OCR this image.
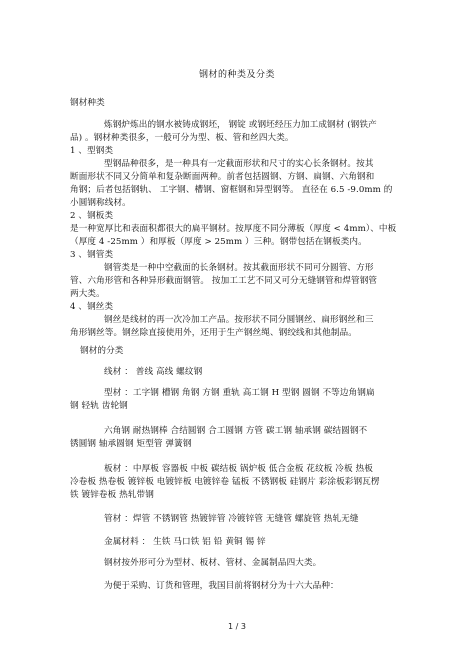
钢材的种类及分类
钢材种类
炼钢炉炼出的钢水被铸成钢坯， 钢锭 或钢坯经压力加工成钢材 (钢铁产
品) 。钢材种类很多，一般可分为型、板、管和丝四大类。
1 、型钢类
型钢品种很多，是一种具有一定截面形状和尺寸的实心长条钢材。按其
断面形状不同又分简单和复杂断面两种。前者包括圆钢、方钢、扁钢、六角钢和
角钢；后者包括钢轨、 工字钢、槽钢、窗框钢和异型钢等。 直径在 6.5 -9.0mm 的
小圆钢称线材。
2 、钢板类
是一种宽厚比和表面积都很大的扁平钢材。按厚度不同分薄板（厚度 < 4mm）、中板
（厚度 4 -25mm ）和厚板（厚度 > 25mm ）三种。钢带包括在钢板类内。
3 、钢管类
钢管类是一种中空截面的长条钢材。按其截面形状不同可分圆管、方形
管、六角形管和各种异形截面钢管。 按加工工艺不同又可分无缝钢管和焊管钢管
两大类。
4 、钢丝类
钢丝是线材的再一次冷加工产品。按形状不同分圆钢丝、扁形钢丝和三
角形钢丝等。钢丝除直接使用外，还用于生产钢丝绳、钢绞线和其他制品。
钢材的分类
线材 ： 普线 高线 螺纹钢
型材 ：工字钢 槽钢 角钢 方钢 重轨 高工钢 H 型钢 圆钢 不等边角钢扁
钢 轻轨 齿轮钢
六角钢 耐热钢棒 合结圆钢 合工圆钢 方管 碳工钢 轴承钢 碳结圆钢不
锈圆钢 轴承圆钢 矩型管 弹簧钢
板材 ：中厚板 容器板 中板 碳结板 锅炉板 低合金板 花纹板 冷板 热板
冷卷板 热卷板 镀锌板 电镀锌板 电镀锌卷 锰板 不锈钢板 硅钢片 彩涂板彩钢瓦楞
铁 镀锌卷板 热轧带钢
管材 ：焊管 不锈钢管 热镀锌管 冷镀锌管 无缝管 螺旋管 热轧无缝
金属材料 ： 生铁 马口铁 铝 铅 黄铜 锡 锌
钢材按外形可分为型材、板材、管材、金属制品四大类。
为便于采购、订货和管理，我国目前将钢材分为十六大品种：
1 / 3
